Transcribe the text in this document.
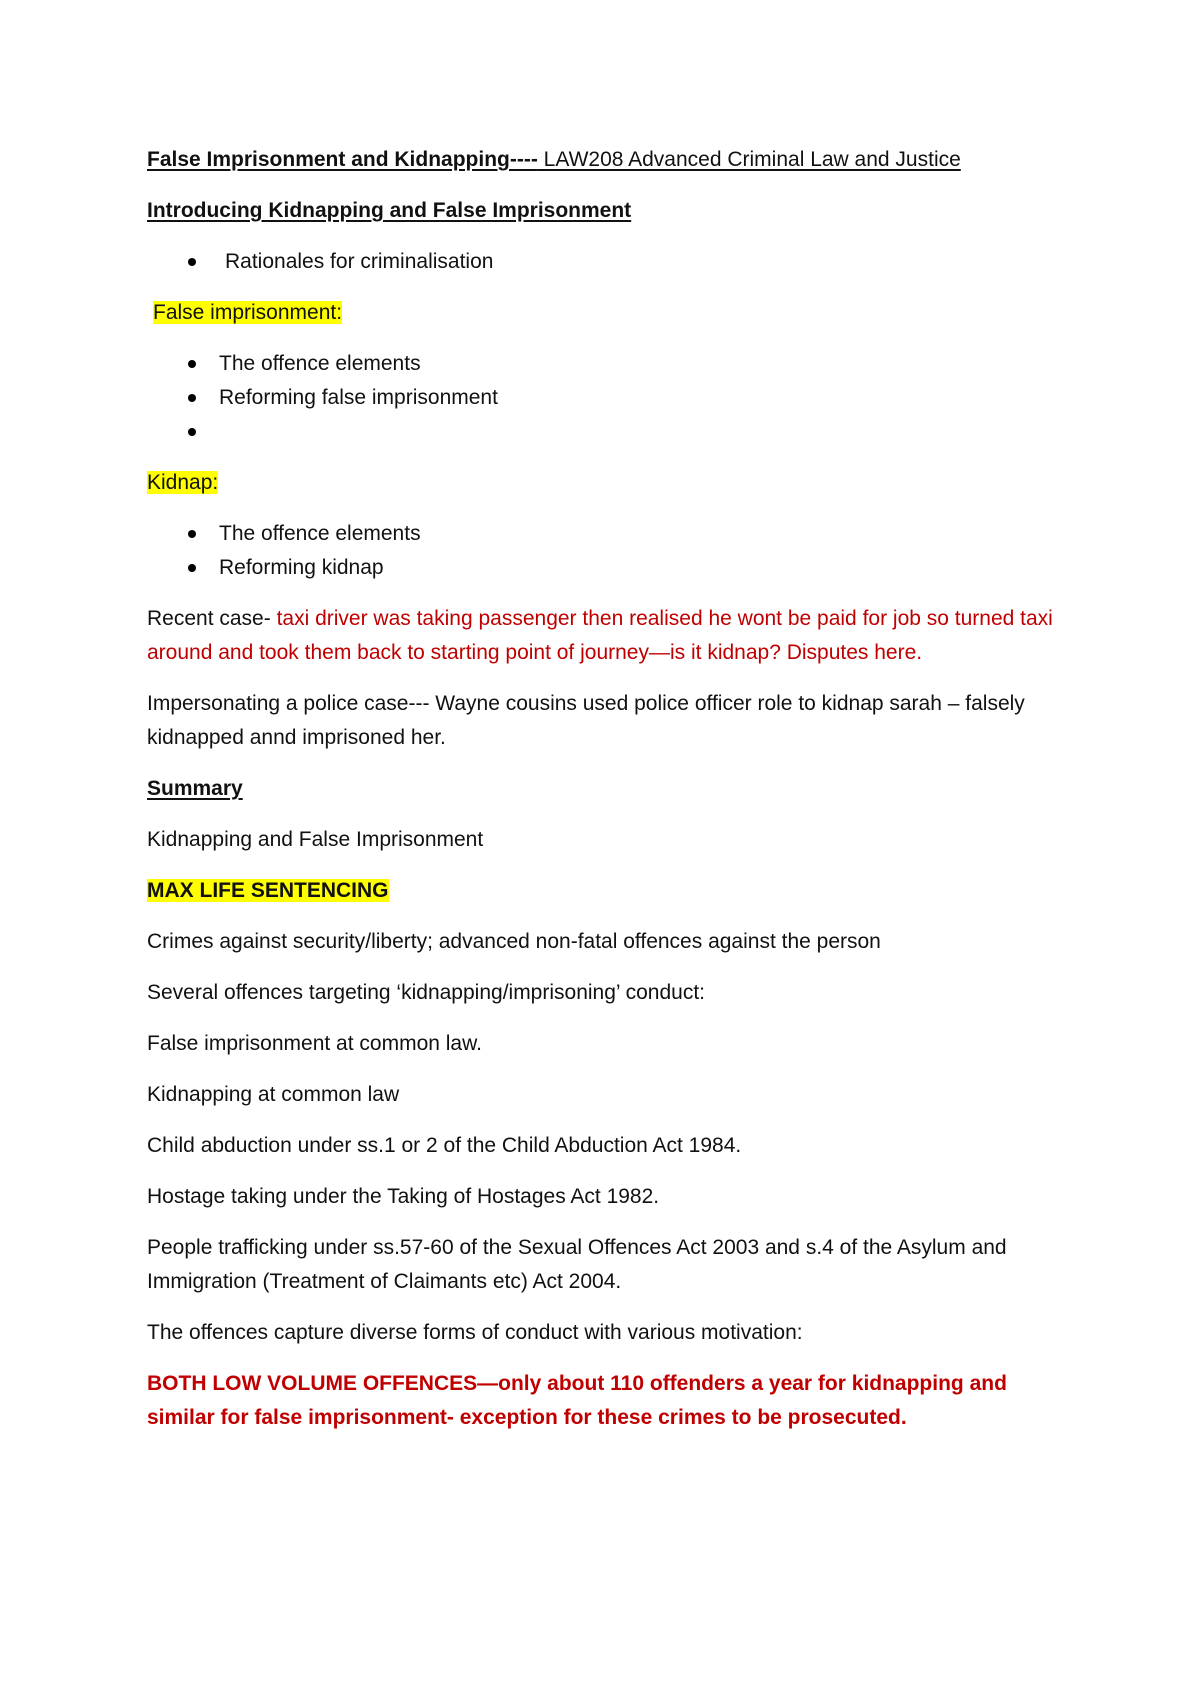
False Imprisonment and Kidnapping---- LAW208 Advanced Criminal Law and Justice

Introducing Kidnapping and False Imprisonment

Rationales for criminalisation

False imprisonment:

The offence elements
Reforming false imprisonment

Kidnap:

The offence elements
Reforming kidnap

Recent case- taxi driver was taking passenger then realised he wont be paid for job so turned taxi around and took them back to starting point of journey—is it kidnap? Disputes here.

Impersonating a police case--- Wayne cousins used police officer role to kidnap sarah – falsely kidnapped annd imprisoned her.

Summary

Kidnapping and False Imprisonment

MAX LIFE SENTENCING

Crimes against security/liberty; advanced non-fatal offences against the person

Several offences targeting ‘kidnapping/imprisoning’ conduct:

False imprisonment at common law.

Kidnapping at common law

Child abduction under ss.1 or 2 of the Child Abduction Act 1984.

Hostage taking under the Taking of Hostages Act 1982.

People trafficking under ss.57-60 of the Sexual Offences Act 2003 and s.4 of the Asylum and Immigration (Treatment of Claimants etc) Act 2004.

The offences capture diverse forms of conduct with various motivation:

BOTH LOW VOLUME OFFENCES—only about 110 offenders a year for kidnapping and similar for false imprisonment- exception for these crimes to be prosecuted.
